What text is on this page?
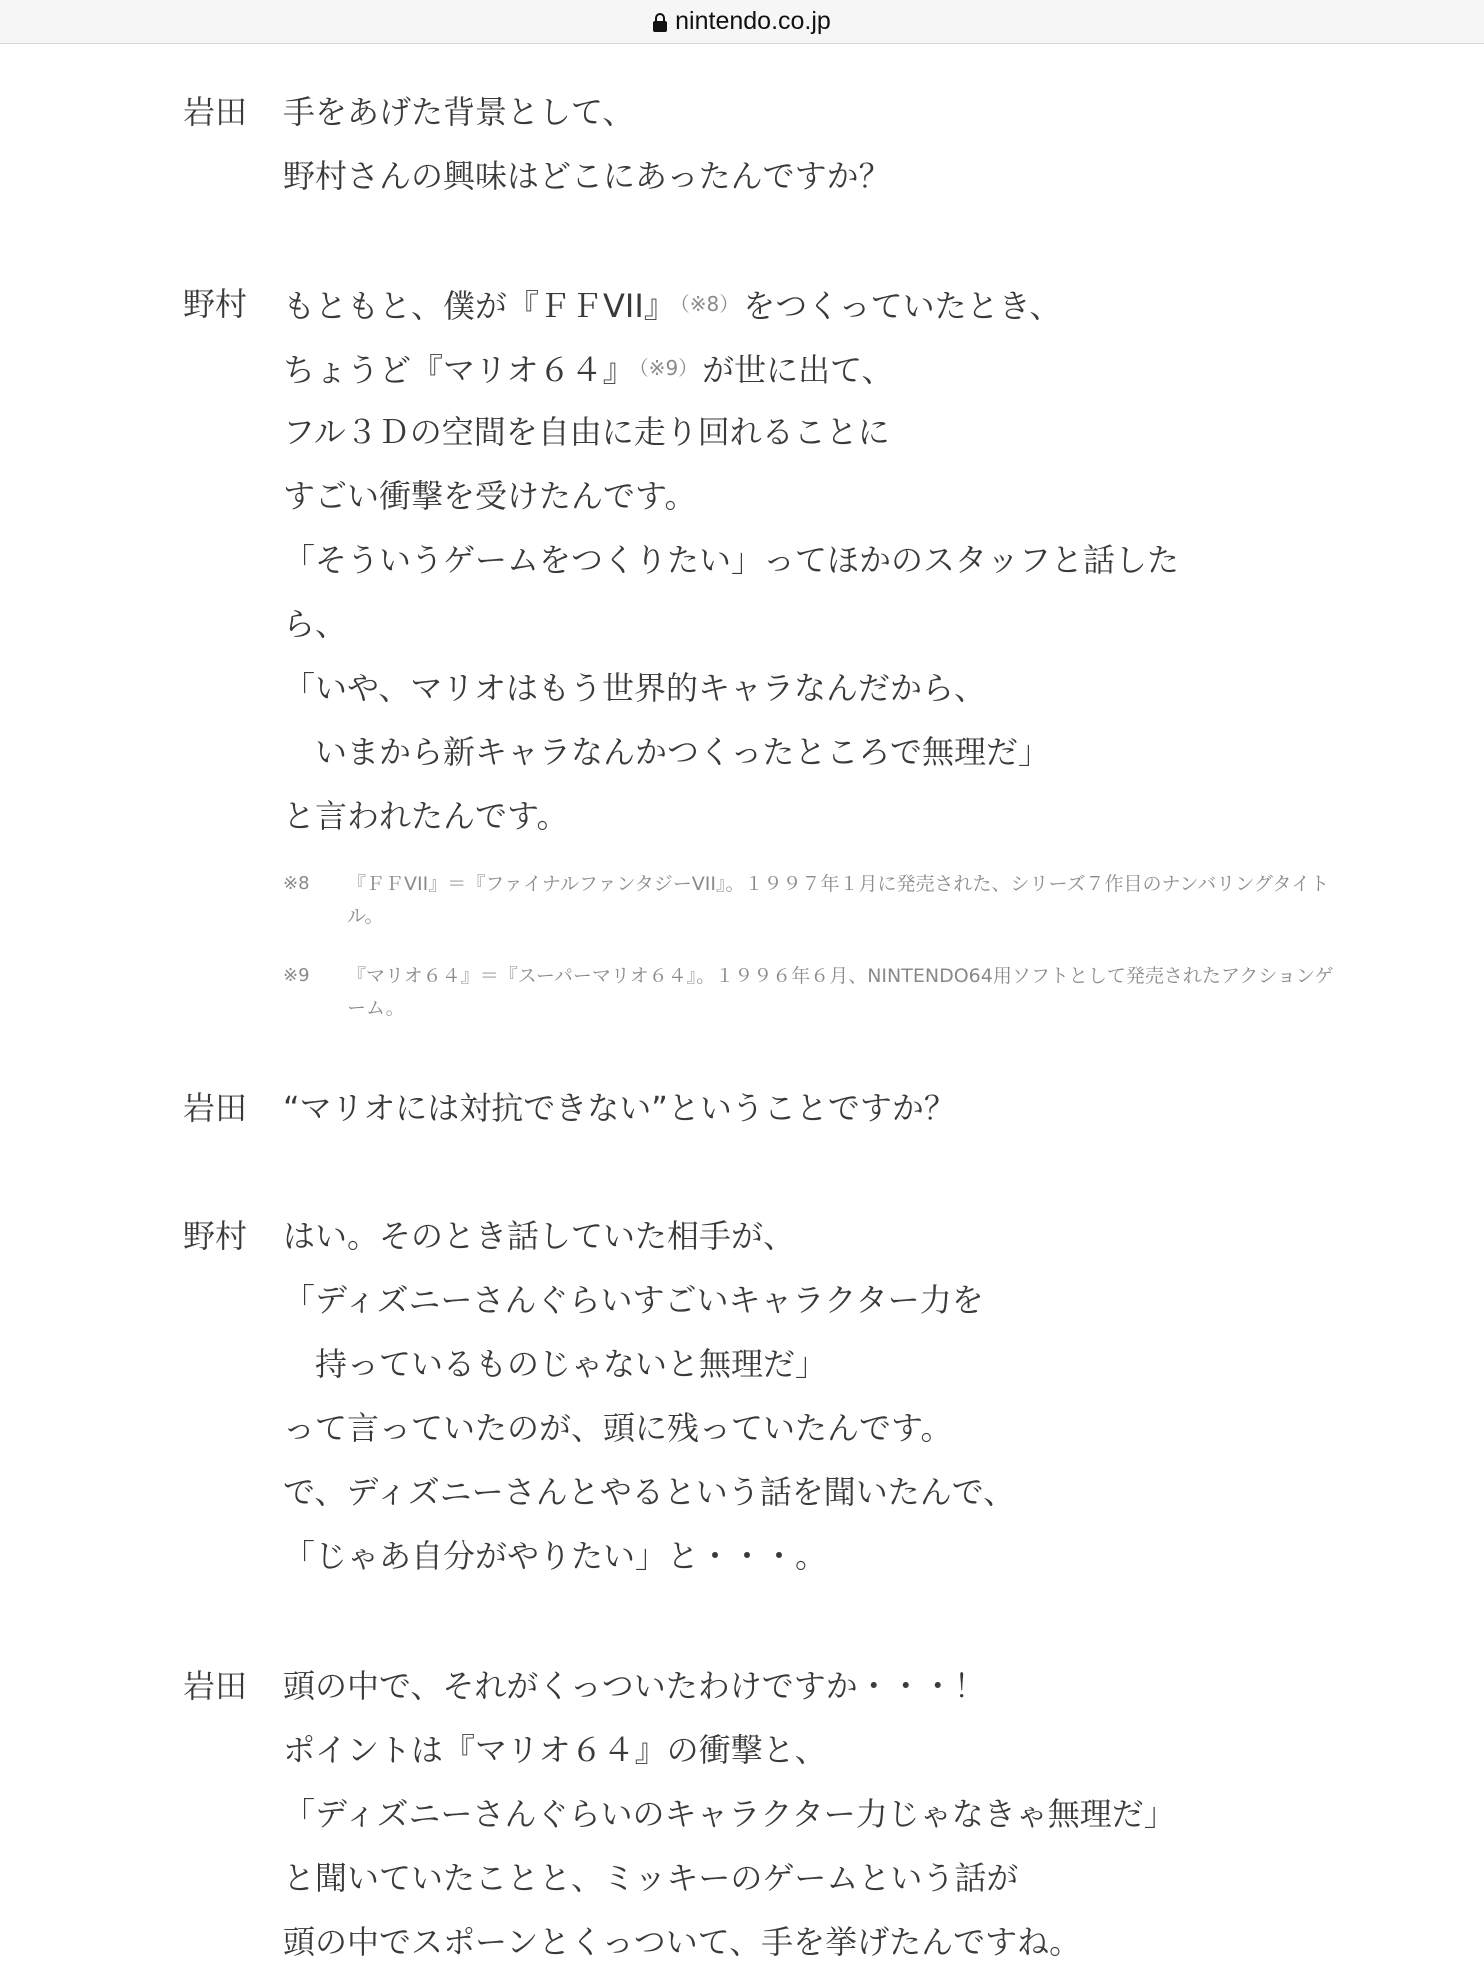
nintendo.co.jp
岩田	手をあげた背景として、
野村さんの興味はどこにあったんですか？
野村	もともと、僕が『ＦＦVII』 （※8） をつくっていたとき、
ちょうど『マリオ６４』 （※9） が世に出て、
フル３Ｄの空間を自由に走り回れることに
すごい衝撃を受けたんです。
「そういうゲームをつくりたい」ってほかのスタッフと話した
ら、
「いや、マリオはもう世界的キャラなんだから、
　いまから新キャラなんかつくったところで無理だ」
と言われたんです。
※8 『ＦＦVII』＝『ファイナルファンタジーVII』。１９９７年１月に発売された、シリーズ７作目のナンバリングタイトル。
※9 『マリオ６４』＝『スーパーマリオ６４』。１９９６年６月、NINTENDO64用ソフトとして発売されたアクションゲーム。
岩田	“マリオには対抗できない”ということですか？
野村	はい。そのとき話していた相手が、
「ディズニーさんぐらいすごいキャラクター力を
　持っているものじゃないと無理だ」
って言っていたのが、頭に残っていたんです。
で、ディズニーさんとやるという話を聞いたんで、
「じゃあ自分がやりたい」と・・・。
岩田	頭の中で、それがくっついたわけですか・・・！
ポイントは『マリオ６４』の衝撃と、
「ディズニーさんぐらいのキャラクター力じゃなきゃ無理だ」
と聞いていたことと、ミッキーのゲームという話が
頭の中でスポーンとくっついて、手を挙げたんですね。
